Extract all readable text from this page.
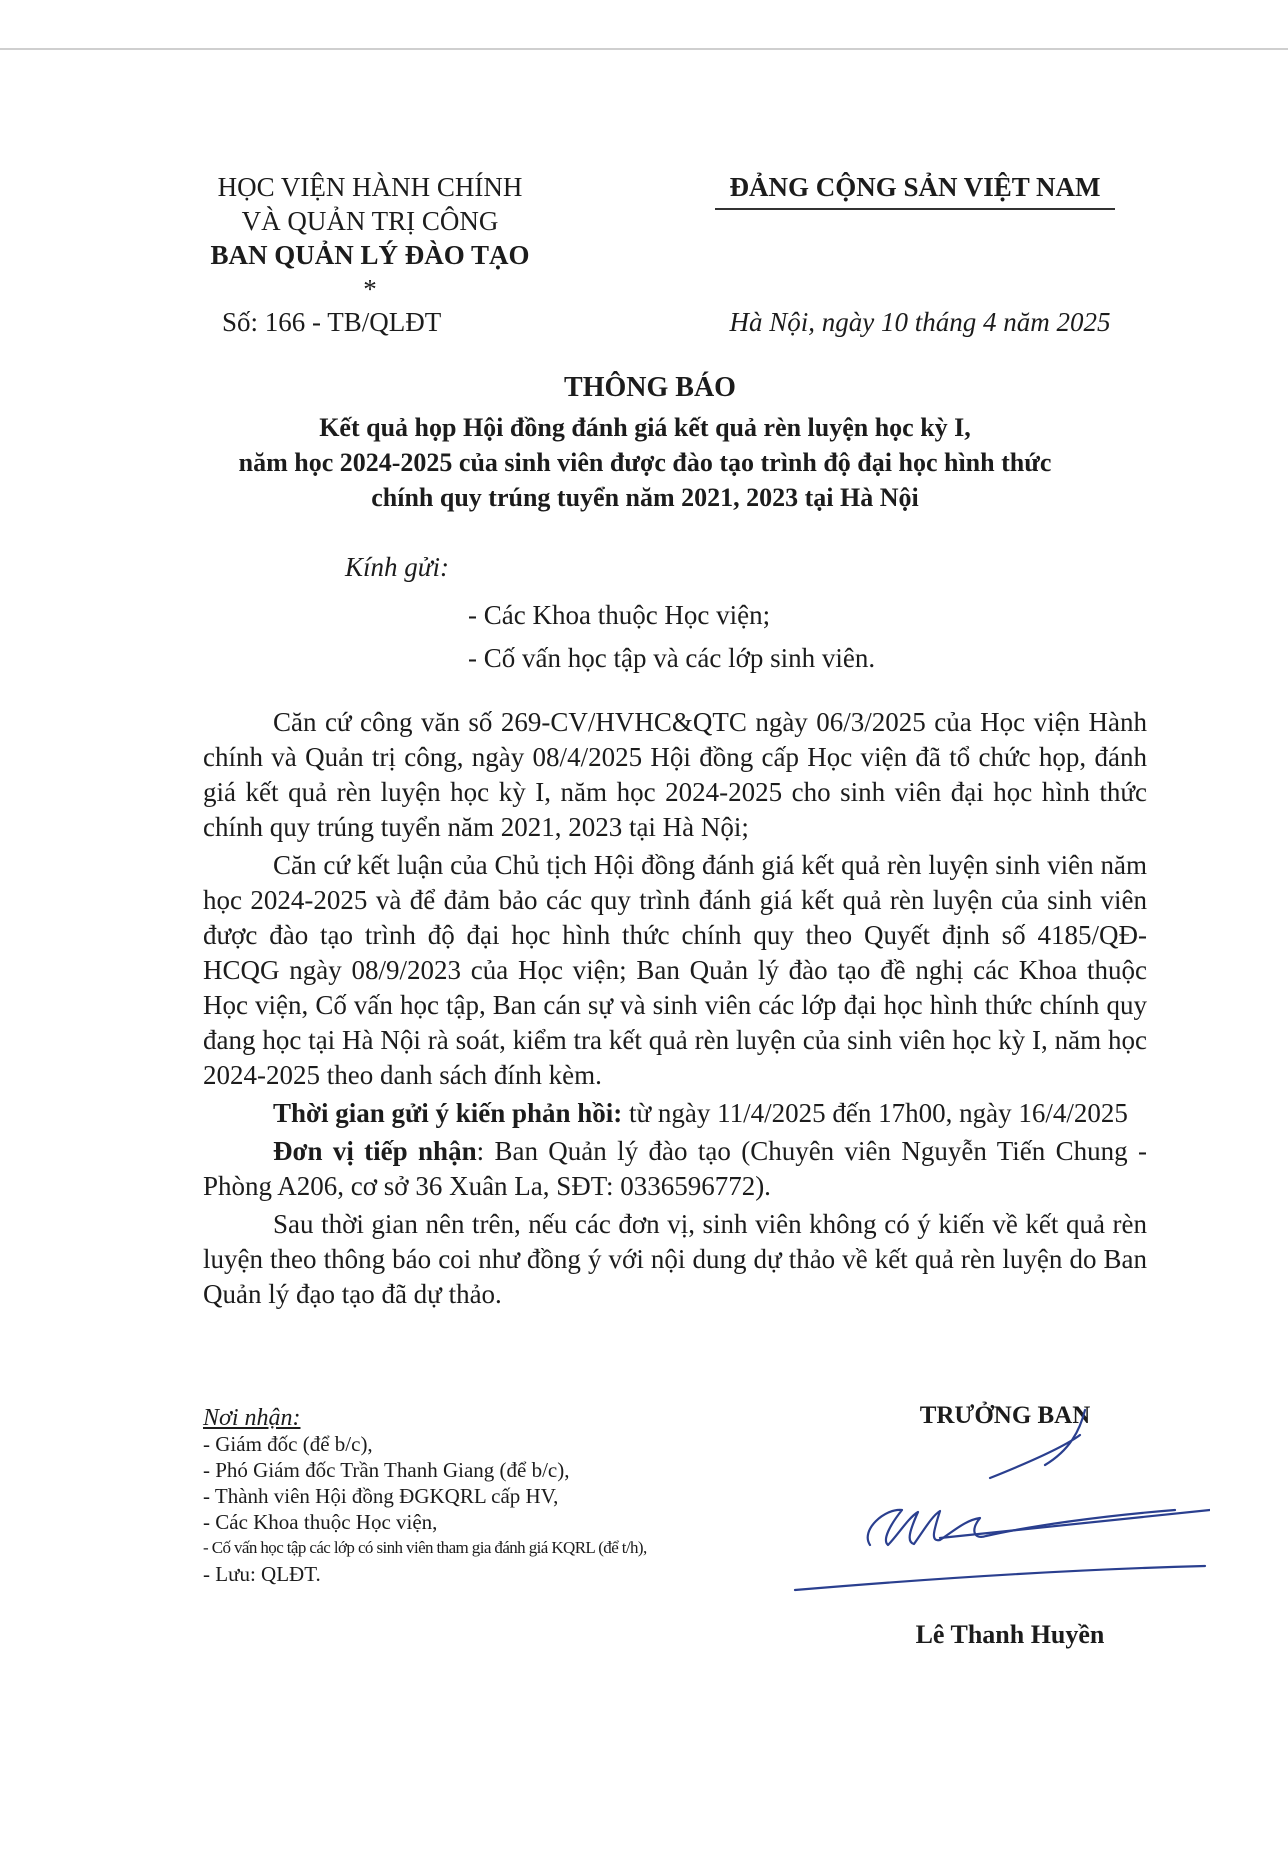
HỌC VIỆN HÀNH CHÍNH
VÀ QUẢN TRỊ CÔNG
BAN QUẢN LÝ ĐÀO TẠO
*
ĐẢNG CỘNG SẢN VIỆT NAM
Số: 166 - TB/QLĐT	Hà Nội, ngày 10 tháng 4 năm 2025
THÔNG BÁO
Kết quả họp Hội đồng đánh giá kết quả rèn luyện học kỳ I,
năm học 2024-2025 của sinh viên được đào tạo trình độ đại học hình thức
chính quy trúng tuyển năm 2021, 2023 tại Hà Nội
Kính gửi:
- Các Khoa thuộc Học viện;
- Cố vấn học tập và các lớp sinh viên.

Căn cứ công văn số 269-CV/HVHC&QTC ngày 06/3/2025 của Học viện Hành chính và Quản trị công, ngày 08/4/2025 Hội đồng cấp Học viện đã tổ chức họp, đánh giá kết quả rèn luyện học kỳ I, năm học 2024-2025 cho sinh viên đại học hình thức chính quy trúng tuyển năm 2021, 2023 tại Hà Nội;

Căn cứ kết luận của Chủ tịch Hội đồng đánh giá kết quả rèn luyện sinh viên năm học 2024-2025 và để đảm bảo các quy trình đánh giá kết quả rèn luyện của sinh viên được đào tạo trình độ đại học hình thức chính quy theo Quyết định số 4185/QĐ-HCQG ngày 08/9/2023 của Học viện; Ban Quản lý đào tạo đề nghị các Khoa thuộc Học viện, Cố vấn học tập, Ban cán sự và sinh viên các lớp đại học hình thức chính quy đang học tại Hà Nội rà soát, kiểm tra kết quả rèn luyện của sinh viên học kỳ I, năm học 2024-2025 theo danh sách đính kèm.

Thời gian gửi ý kiến phản hồi: từ ngày 11/4/2025 đến 17h00, ngày 16/4/2025

Đơn vị tiếp nhận: Ban Quản lý đào tạo (Chuyên viên Nguyễn Tiến Chung - Phòng A206, cơ sở 36 Xuân La, SĐT: 0336596772).

Sau thời gian nên trên, nếu các đơn vị, sinh viên không có ý kiến về kết quả rèn luyện theo thông báo coi như đồng ý với nội dung dự thảo về kết quả rèn luyện do Ban Quản lý đạo tạo đã dự thảo.

Nơi nhận:
- Giám đốc (để b/c),
- Phó Giám đốc Trần Thanh Giang (để b/c),
- Thành viên Hội đồng ĐGKQRL cấp HV,
- Các Khoa thuộc Học viện,
- Cố vấn học tập các lớp có sinh viên tham gia đánh giá KQRL (để t/h),
- Lưu: QLĐT.
TRƯỞNG BAN
Lê Thanh Huyền
